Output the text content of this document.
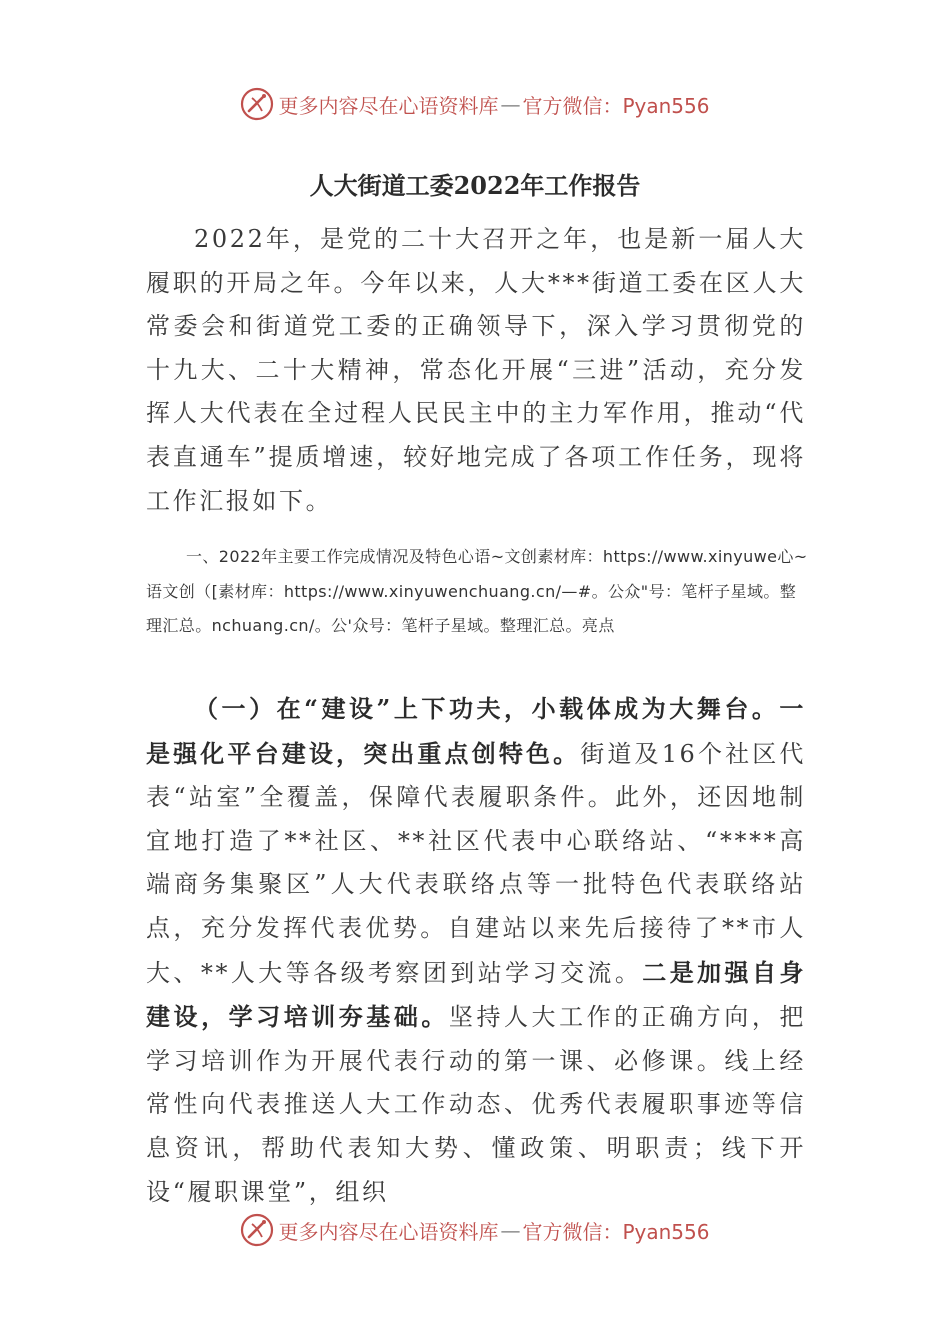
更多内容尽在心语资料库 — 官方微信：Pyan556
人大街道工委2022年工作报告

2022年，是党的二十大召开之年，也是新一届人大履职的开局之年。今年以来，人大***街道工委在区人大常委会和街道党工委的正确领导下，深入学习贯彻党的十九大、二十大精神，常态化开展“三进”活动，充分发挥人大代表在全过程人民民主中的主力军作用，推动“代表直通车”提质增速，较好地完成了各项工作任务，现将工作汇报如下。

一、2022年主要工作完成情况及特色心语~文创素材库：https://www.xinyuwe心~语文创（[素材库：https://www.xinyuwenchuang.cn/—#。公众"号：笔杆子星域。整理汇总。nchuang.cn/。公'众号：笔杆子星域。整理汇总。亮点

（一）在“建设”上下功夫，小载体成为大舞台。一是强化平台建设，突出重点创特色。街道及16个社区代表“站室”全覆盖，保障代表履职条件。此外，还因地制宜地打造了**社区、**社区代表中心联络站、“****高端商务集聚区”人大代表联络点等一批特色代表联络站点，充分发挥代表优势。自建站以来先后接待了**市人大、**人大等各级考察团到站学习交流。二是加强自身建设，学习培训夯基础。坚持人大工作的正确方向，把学习培训作为开展代表行动的第一课、必修课。线上经常性向代表推送人大工作动态、优秀代表履职事迹等信息资讯，帮助代表知大势、懂政策、明职责；线下开设“履职课堂”，组织

更多内容尽在心语资料库 — 官方微信：Pyan556
